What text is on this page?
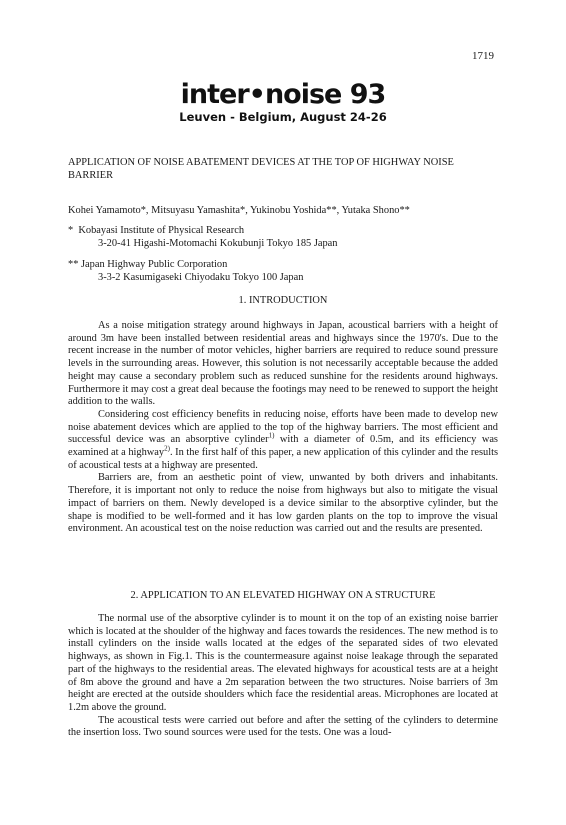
1719
inter•noise 93
Leuven - Belgium, August 24-26
APPLICATION OF NOISE ABATEMENT DEVICES AT THE TOP OF HIGHWAY NOISE BARRIER
Kohei Yamamoto*, Mitsuyasu Yamashita*, Yukinobu Yoshida**, Yutaka Shono**
* Kobayasi Institute of Physical Research
3-20-41 Higashi-Motomachi Kokubunji Tokyo 185 Japan
** Japan Highway Public Corporation
3-3-2 Kasumigaseki Chiyodaku Tokyo 100 Japan
1. INTRODUCTION

As a noise mitigation strategy around highways in Japan, acoustical barriers with a height of around 3m have been installed between residential areas and highways since the 1970's. Due to the recent increase in the number of motor vehicles, higher barriers are required to reduce sound pressure levels in the surrounding areas. However, this solution is not necessarily acceptable because the added height may cause a secondary problem such as reduced sunshine for the residents around highways. Furthermore it may cost a great deal because the footings may need to be renewed to support the height addition to the walls.

Considering cost efficiency benefits in reducing noise, efforts have been made to develop new noise abatement devices which are applied to the top of the highway barriers. The most efficient and successful device was an absorptive cylinder$^{1)}$ with a diameter of 0.5m, and its efficiency was examined at a highway$^{2)}$. In the first half of this paper, a new application of this cylinder and the results of acoustical tests at a highway are presented.

Barriers are, from an aesthetic point of view, unwanted by both drivers and inhabitants. Therefore, it is important not only to reduce the noise from highways but also to mitigate the visual impact of barriers on them. Newly developed is a device similar to the absorptive cylinder, but the shape is modified to be well-formed and it has low garden plants on the top to improve the visual environment. An acoustical test on the noise reduction was carried out and the results are presented.

2. APPLICATION TO AN ELEVATED HIGHWAY ON A STRUCTURE

The normal use of the absorptive cylinder is to mount it on the top of an existing noise barrier which is located at the shoulder of the highway and faces towards the residences. The new method is to install cylinders on the inside walls located at the edges of the separated sides of two elevated highways, as shown in Fig.1. This is the countermeasure against noise leakage through the separated part of the highways to the residential areas. The elevated highways for acoustical tests are at a height of 8m above the ground and have a 2m separation between the two structures. Noise barriers of 3m height are erected at the outside shoulders which face the residential areas. Microphones are located at 1.2m above the ground.

The acoustical tests were carried out before and after the setting of the cylinders to determine the insertion loss. Two sound sources were used for the tests. One was a loud-
